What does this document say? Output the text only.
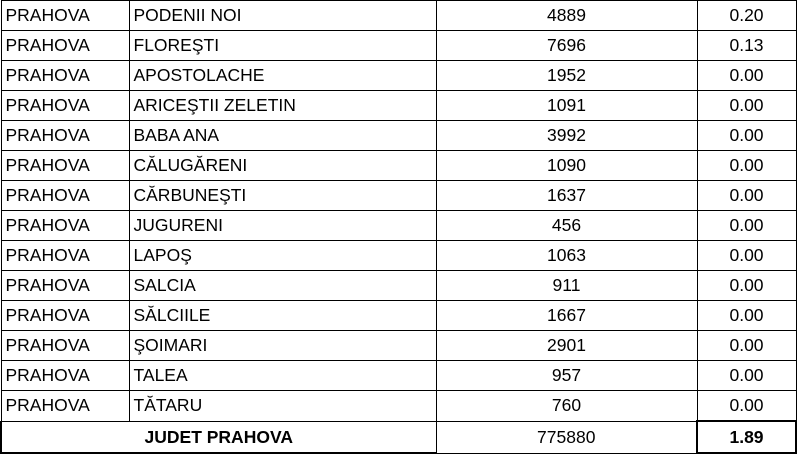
PRAHOVA	PODENII NOI	4889	0.20
PRAHOVA	FLOREŞTI	7696	0.13
PRAHOVA	APOSTOLACHE	1952	0.00
PRAHOVA	ARICEŞTII ZELETIN	1091	0.00
PRAHOVA	BABA ANA	3992	0.00
PRAHOVA	CĂLUGĂRENI	1090	0.00
PRAHOVA	CĂRBUNEŞTI	1637	0.00
PRAHOVA	JUGURENI	456	0.00
PRAHOVA	LAPOŞ	1063	0.00
PRAHOVA	SALCIA	911	0.00
PRAHOVA	SĂLCIILE	1667	0.00
PRAHOVA	ŞOIMARI	2901	0.00
PRAHOVA	TALEA	957	0.00
PRAHOVA	TĂTARU	760	0.00
JUDET PRAHOVA		775880	1.89
